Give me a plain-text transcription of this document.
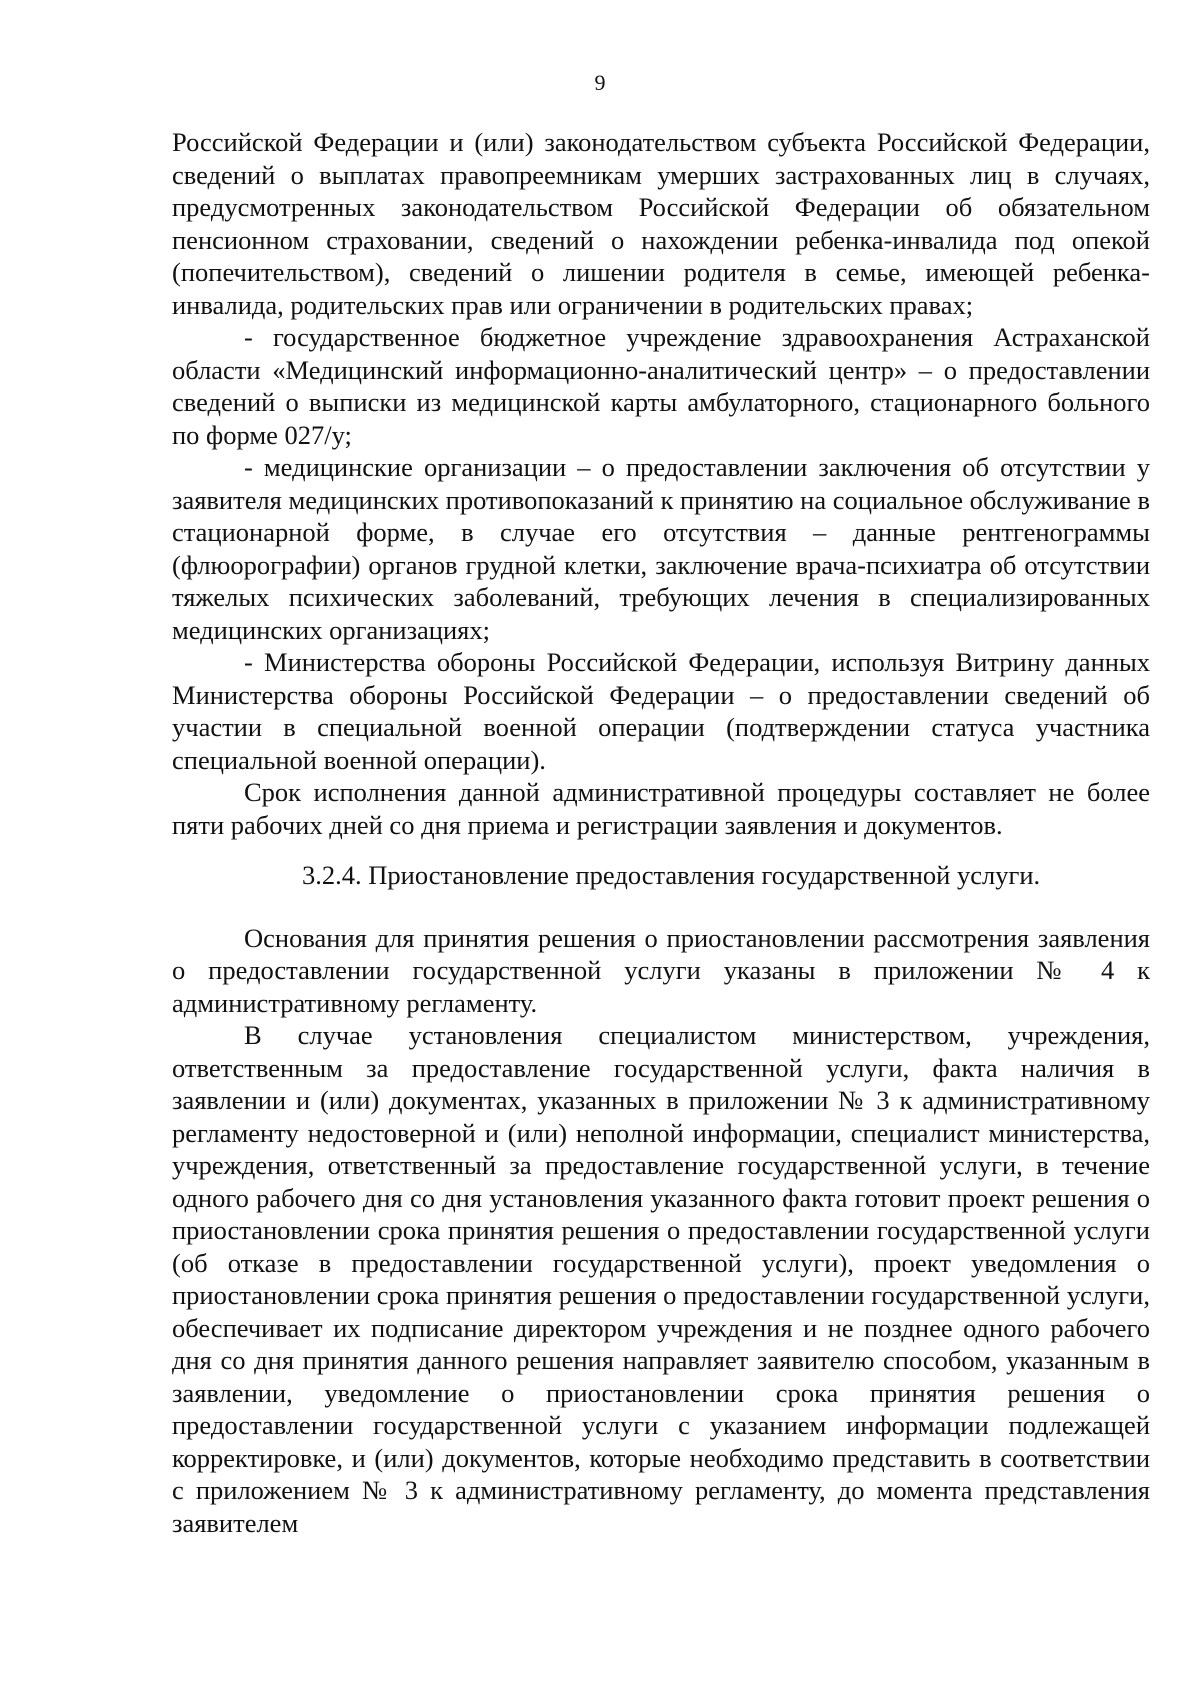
9

Российской Федерации и (или) законодательством субъекта Российской Федерации, сведений о выплатах правопреемникам умерших застрахованных лиц в случаях, предусмотренных законодательством Российской Федерации об обязательном пенсионном страховании, сведений о нахождении ребенка-инвалида под опекой (попечительством), сведений о лишении родителя в семье, имеющей ребенка-инвалида, родительских прав или ограничении в родительских правах;

- государственное бюджетное учреждение здравоохранения Астраханской области «Медицинский информационно-аналитический центр» – о предоставлении сведений о выписки из медицинской карты амбулаторного, стационарного больного по форме 027/у;

- медицинские организации – о предоставлении заключения об отсутствии у заявителя медицинских противопоказаний к принятию на социальное обслуживание в стационарной форме, в случае его отсутствия – данные рентгенограммы (флюорографии) органов грудной клетки, заключение врача-психиатра об отсутствии тяжелых психических заболеваний, требующих лечения в специализированных медицинских организациях;

- Министерства обороны Российской Федерации, используя Витрину данных Министерства обороны Российской Федерации – о предоставлении сведений об участии в специальной военной операции (подтверждении статуса участника специальной военной операции).

Срок исполнения данной административной процедуры составляет не более пяти рабочих дней со дня приема и регистрации заявления и документов.

3.2.4. Приостановление предоставления государственной услуги.

Основания для принятия решения о приостановлении рассмотрения заявления о предоставлении государственной услуги указаны в приложении № 4 к административному регламенту.

В случае установления специалистом министерством, учреждения, ответственным за предоставление государственной услуги, факта наличия в заявлении и (или) документах, указанных в приложении № 3 к административному регламенту недостоверной и (или) неполной информации, специалист министерства, учреждения, ответственный за предоставление государственной услуги, в течение одного рабочего дня со дня установления указанного факта готовит проект решения о приостановлении срока принятия решения о предоставлении государственной услуги (об отказе в предоставлении государственной услуги), проект уведомления о приостановлении срока принятия решения о предоставлении государственной услуги, обеспечивает их подписание директором учреждения и не позднее одного рабочего дня со дня принятия данного решения направляет заявителю способом, указанным в заявлении, уведомление о приостановлении срока принятия решения о предоставлении государственной услуги с указанием информации подлежащей корректировке, и (или) документов, которые необходимо представить в соответствии с приложением № 3 к административному регламенту, до момента представления заявителем
